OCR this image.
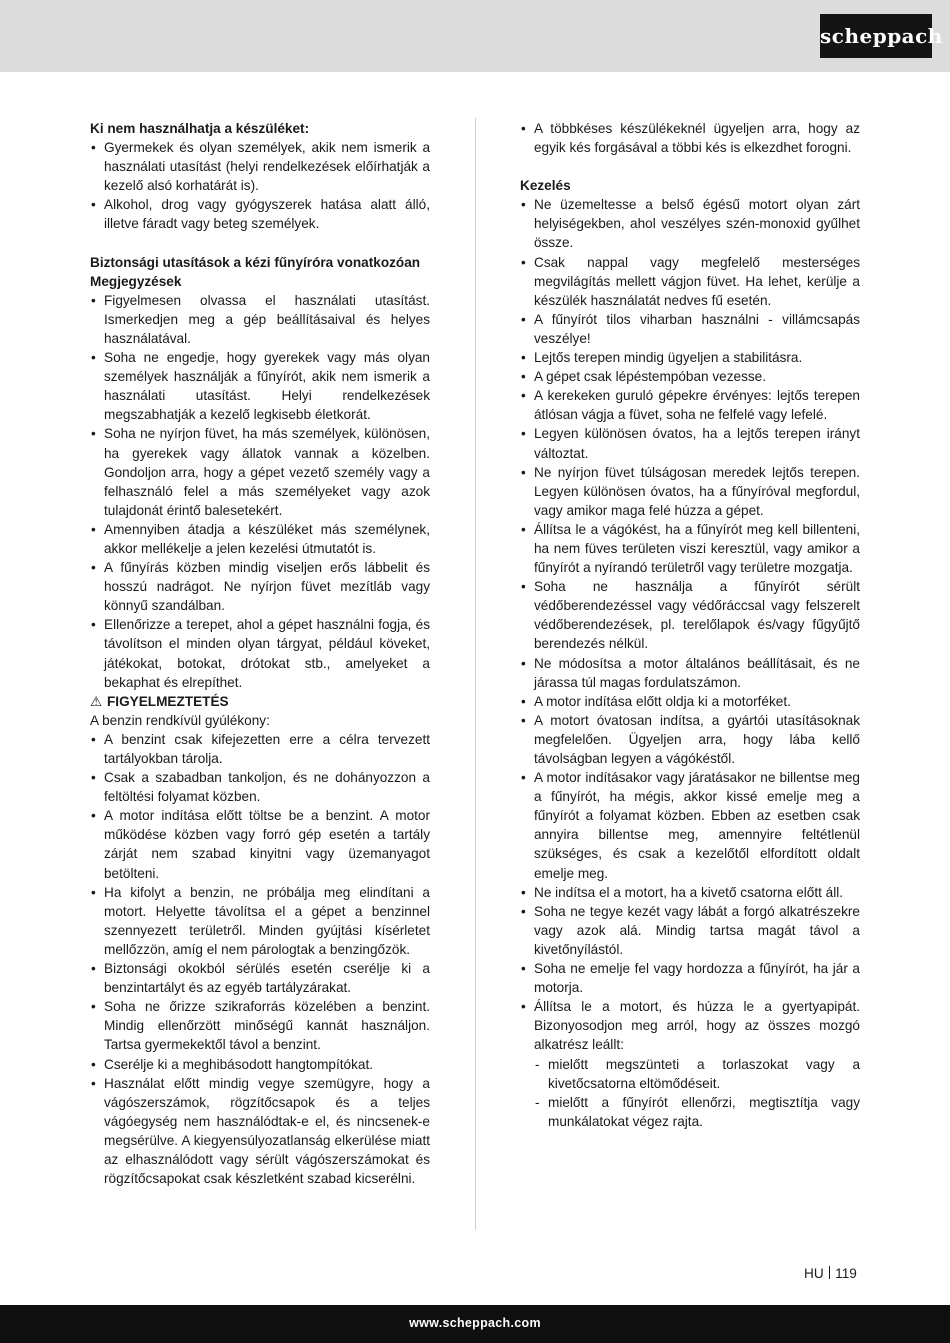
scheppach

Ki nem használhatja a készüléket:

• Gyermekek és olyan személyek, akik nem ismerik a használati utasítást (helyi rendelkezések előírhatják a kezelő alsó korhatárát is).
• Alkohol, drog vagy gyógyszerek hatása alatt álló, illetve fáradt vagy beteg személyek.

Biztonsági utasítások a kézi fűnyíróra vonatkozóan

Megjegyzések

• Figyelmesen olvassa el használati utasítást. Ismerkedjen meg a gép beállításaival és helyes használatával.
• Soha ne engedje, hogy gyerekek vagy más olyan személyek használják a fűnyírót, akik nem ismerik a használati utasítást. Helyi rendelkezések megszabhatják a kezelő legkisebb életkorát.
• Soha ne nyírjon füvet, ha más személyek, különösen, ha gyerekek vagy állatok vannak a közelben. Gondoljon arra, hogy a gépet vezető személy vagy a felhasználó felel a más személyeket vagy azok tulajdonát érintő balesetekért.
• Amennyiben átadja a készüléket más személynek, akkor mellékelje a jelen kezelési útmutatót is.
• A fűnyírás közben mindig viseljen erős lábbelit és hosszú nadrágot. Ne nyírjon füvet mezítláb vagy könnyű szandálban.
• Ellenőrizze a terepet, ahol a gépet használni fogja, és távolítson el minden olyan tárgyat, például köveket, játékokat, botokat, drótokat stb., amelyeket a bekaphat és elrepíthet.

⚠ FIGYELMEZTETÉS

A benzin rendkívül gyúlékony:

• A benzint csak kifejezetten erre a célra tervezett tartályokban tárolja.
• Csak a szabadban tankoljon, és ne dohányozzon a feltöltési folyamat közben.
• A motor indítása előtt töltse be a benzint. A motor működése közben vagy forró gép esetén a tartály zárját nem szabad kinyitni vagy üzemanyagot betölteni.
• Ha kifolyt a benzin, ne próbálja meg elindítani a motort. Helyette távolítsa el a gépet a benzinnel szennyezett területről. Minden gyújtási kísérletet mellőzzön, amíg el nem párologtak a benzingőzök.
• Biztonsági okokból sérülés esetén cserélje ki a benzintartályt és az egyéb tartályzárakat.
• Soha ne őrizze szikraforrás közelében a benzint. Mindig ellenőrzött minőségű kannát használjon. Tartsa gyermekektől távol a benzint.
• Cserélje ki a meghibásodott hangtompítókat.
• Használat előtt mindig vegye szemügyre, hogy a vágószerszámok, rögzítőcsapok és a teljes vágóegység nem használódtak-e el, és nincsenek-e megsérülve. A kiegyensúlyozatlanság elkerülése miatt az elhasználódott vagy sérült vágószerszámokat és rögzítőcsapokat csak készletként szabad kicserélni.
• A többkéses készülékeknél ügyeljen arra, hogy az egyik kés forgásával a többi kés is elkezdhet forogni.

Kezelés

• Ne üzemeltesse a belső égésű motort olyan zárt helyiségekben, ahol veszélyes szén-monoxid gyűlhet össze.
• Csak nappal vagy megfelelő mesterséges megvilágítás mellett vágjon füvet. Ha lehet, kerülje a készülék használatát nedves fű esetén.
• A fűnyírót tilos viharban használni - villámcsapás veszélye!
• Lejtős terepen mindig ügyeljen a stabilitásra.
• A gépet csak lépéstempóban vezesse.
• A kerekeken guruló gépekre érvényes: lejtős terepen átlósan vágja a füvet, soha ne felfelé vagy lefelé.
• Legyen különösen óvatos, ha a lejtős terepen irányt változtat.
• Ne nyírjon füvet túlságosan meredek lejtős terepen. Legyen különösen óvatos, ha a fűnyíróval megfordul, vagy amikor maga felé húzza a gépet.
• Állítsa le a vágókést, ha a fűnyírót meg kell billenteni, ha nem füves területen viszi keresztül, vagy amikor a fűnyírót a nyírandó területről vagy területre mozgatja.
• Soha ne használja a fűnyírót sérült védőberendezéssel vagy védőráccsal vagy felszerelt védőberendezések, pl. terelőlapok és/vagy fűgyűjtő berendezés nélkül.
• Ne módosítsa a motor általános beállításait, és ne járassa túl magas fordulatszámon.
• A motor indítása előtt oldja ki a motorféket.
• A motort óvatosan indítsa, a gyártói utasításoknak megfelelően. Ügyeljen arra, hogy lába kellő távolságban legyen a vágókéstől.
• A motor indításakor vagy járatásakor ne billentse meg a fűnyírót, ha mégis, akkor kissé emelje meg a fűnyírót a folyamat közben. Ebben az esetben csak annyira billentse meg, amennyire feltétlenül szükséges, és csak a kezelőtől elfordított oldalt emelje meg.
• Ne indítsa el a motort, ha a kivető csatorna előtt áll.
• Soha ne tegye kezét vagy lábát a forgó alkatrészekre vagy azok alá. Mindig tartsa magát távol a kivetőnyílástól.
• Soha ne emelje fel vagy hordozza a fűnyírót, ha jár a motorja.
• Állítsa le a motort, és húzza le a gyertyapipát. Bizonyosodjon meg arról, hogy az összes mozgó alkatrész leállt:
- mielőtt megszünteti a torlaszokat vagy a kivetőcsatorna eltömődéseit.
- mielőtt a fűnyírót ellenőrzi, megtisztítja vagy munkálatokat végez rajta.
HU 119
www.scheppach.com
